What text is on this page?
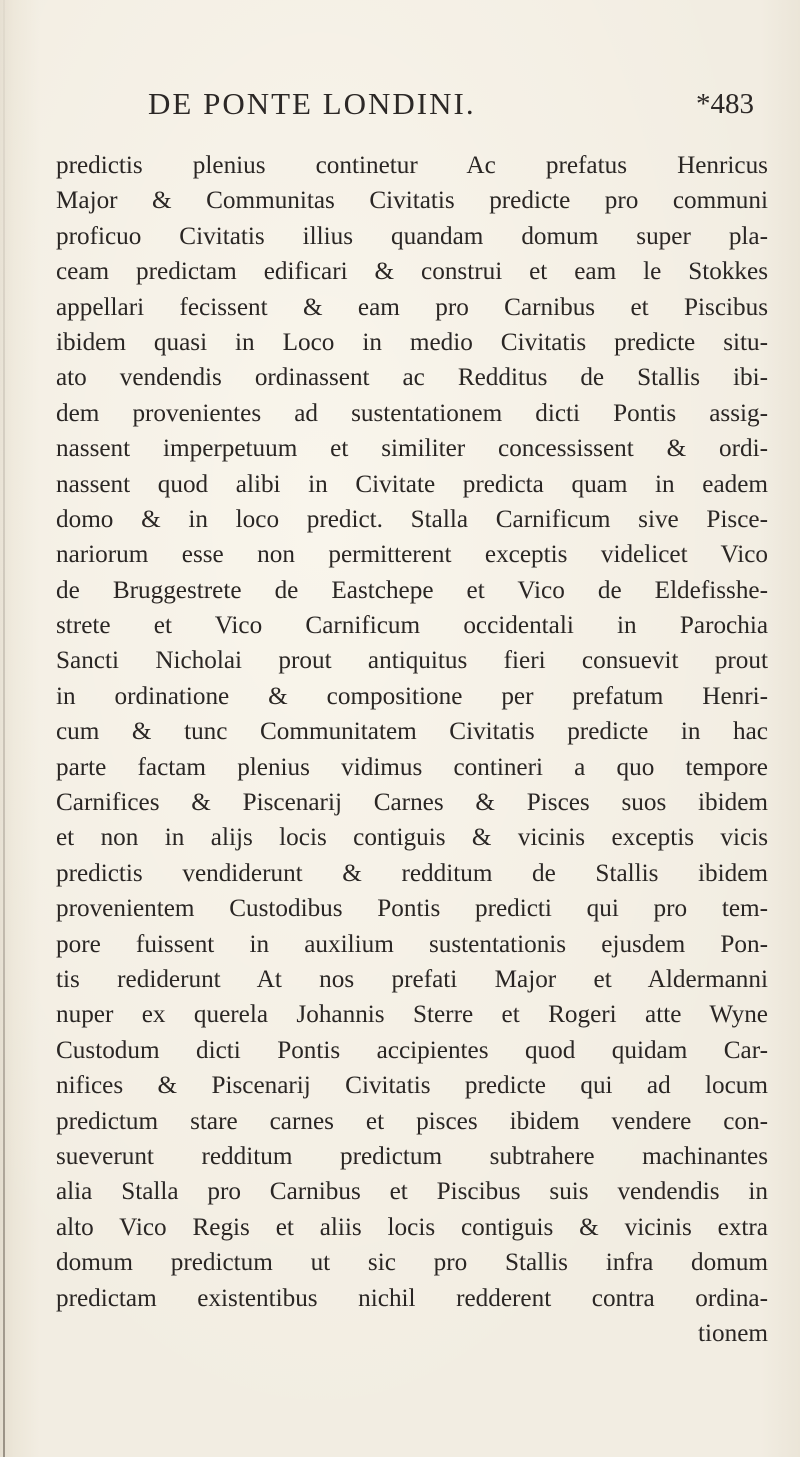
DE PONTE LONDINI.	*483
predictis plenius continetur Ac prefatus Henricus
Major & Communitas Civitatis predicte pro communi
proficuo Civitatis illius quandam domum super pla-
ceam predictam edificari & construi et eam le Stokkes
appellari fecissent & eam pro Carnibus et Piscibus
ibidem quasi in Loco in medio Civitatis predicte situ-
ato vendendis ordinassent ac Redditus de Stallis ibi-
dem provenientes ad sustentationem dicti Pontis assig-
nassent imperpetuum et similiter concessissent & ordi-
nassent quod alibi in Civitate predicta quam in eadem
domo & in loco predict. Stalla Carnificum sive Pisce-
nariorum esse non permitterent exceptis videlicet Vico
de Bruggestrete de Eastchepe et Vico de Eldefisshe-
strete et Vico Carnificum occidentali in Parochia
Sancti Nicholai prout antiquitus fieri consuevit prout
in ordinatione & compositione per prefatum Henri-
cum & tunc Communitatem Civitatis predicte in hac
parte factam plenius vidimus contineri a quo tempore
Carnifices & Piscenarij Carnes & Pisces suos ibidem
et non in alijs locis contiguis & vicinis exceptis vicis
predictis vendiderunt & redditum de Stallis ibidem
provenientem Custodibus Pontis predicti qui pro tem-
pore fuissent in auxilium sustentationis ejusdem Pon-
tis rediderunt At nos prefati Major et Aldermanni
nuper ex querela Johannis Sterre et Rogeri atte Wyne
Custodum dicti Pontis accipientes quod quidam Car-
nifices & Piscenarij Civitatis predicte qui ad locum
predictum stare carnes et pisces ibidem vendere con-
sueverunt redditum predictum subtrahere machinantes
alia Stalla pro Carnibus et Piscibus suis vendendis in
alto Vico Regis et aliis locis contiguis & vicinis extra
domum predictum ut sic pro Stallis infra domum
predictam existentibus nichil redderent contra ordina-
tionem
